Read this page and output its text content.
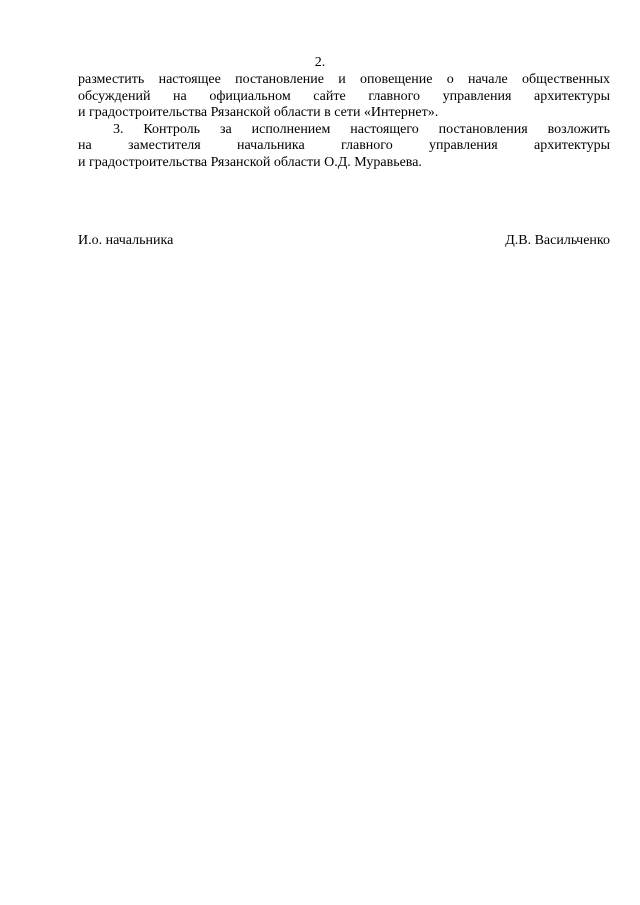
2.
разместить настоящее постановление и оповещение о начале общественных
обсуждений на официальном сайте главного управления архитектуры
и градостроительства Рязанской области в сети «Интернет».
3. Контроль за исполнением настоящего постановления возложить
на заместителя начальника главного управления архитектуры
и градостроительства Рязанской области О.Д. Муравьева.
И.о. начальника	Д.В. Васильченко
